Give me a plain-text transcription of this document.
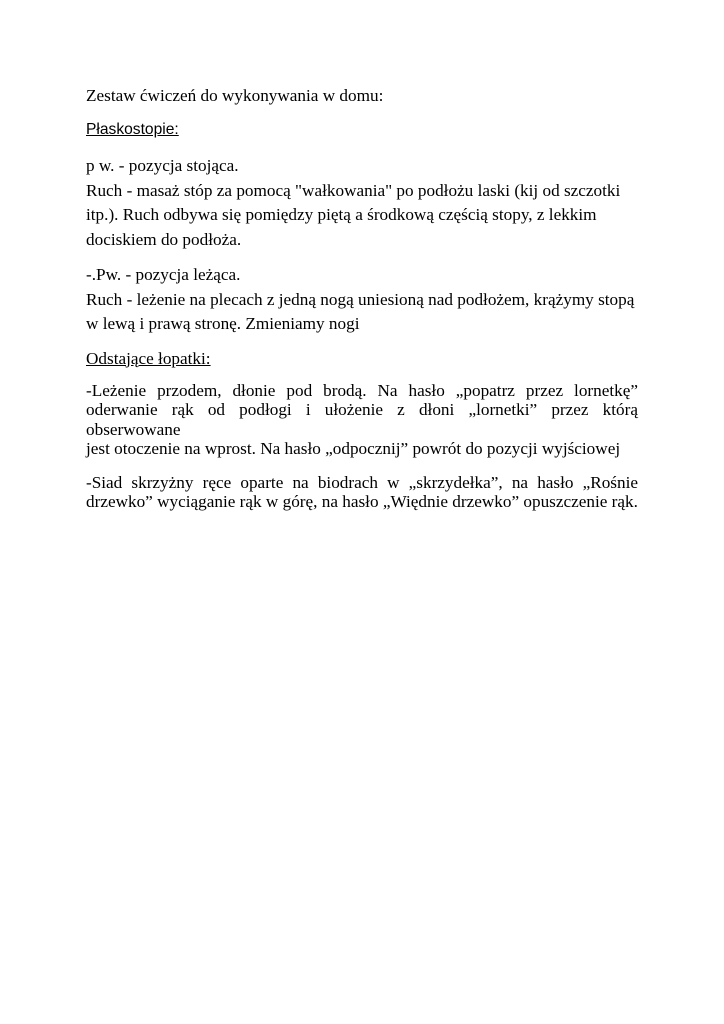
Zestaw ćwiczeń do wykonywania w domu:
Płaskostopie:
p w. - pozycja stojąca.
Ruch - masaż stóp za pomocą "wałkowania" po podłożu laski (kij od szczotki
itp.). Ruch odbywa się pomiędzy piętą a środkową częścią stopy, z lekkim
dociskiem do podłoża.
-.Pw. - pozycja leżąca.
Ruch - leżenie na plecach z jedną nogą uniesioną nad podłożem, krążymy stopą
w lewą i prawą stronę. Zmieniamy nogi
Odstające łopatki:
-Leżenie przodem, dłonie pod brodą. Na hasło „popatrz przez lornetkę”
oderwanie rąk od podłogi i ułożenie z dłoni „lornetki” przez którą obserwowane
jest otoczenie na wprost. Na hasło „odpocznij” powrót do pozycji wyjściowej
-Siad skrzyżny ręce oparte na biodrach w „skrzydełka”, na hasło „Rośnie
drzewko” wyciąganie rąk w górę, na hasło „Więdnie drzewko” opuszczenie rąk.
